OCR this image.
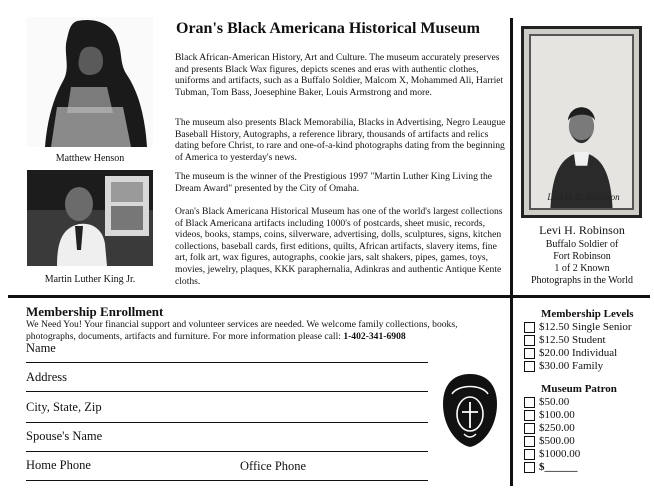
Matthew Henson
Martin Luther King Jr.
Oran's Black Americana Historical Museum
Black African-American History, Art and Culture. The museum accurately preserves and presents Black Wax figures, depicts scenes and eras with authentic clothes, uniforms and artifacts, such as a Buffalo Soldier, Malcom X, Mohammed Ali, Harriet Tubman, Tom Bass, Joesephine Baker, Louis Armstrong and more.
The museum also presents Black Memorabilia, Blacks in Advertising, Negro Leaugue Baseball History, Autographs, a reference library, thousands of artifacts and relics dating before Christ, to rare and one-of-a-kind photographs dating from the beginning of America to yesterday's news.
The museum is the winner of the Prestigious 1997 "Martin Luther King Living the Dream Award" presented by the City of Omaha.
Oran's Black Americana Historical Museum has one of the world's largest collections of Black Americana artifacts including 1000's of postcards, sheet music, records, videos, books, stamps, coins, silverware, advertising, dolls, sculptures, signs, kitchen collections, baseball cards, first editions, quilts, African artifacts, slavery items, fine art, folk art, wax figures, autographs, cookie jars, salt shakers, pipes, games, toys, movies, jewelry, plaques, KKK paraphernalia, Adinkras and authentic Antique Kente cloths.
Levi H. L. Robinson
Levi H. Robinson
Buffalo Soldier of
Fort Robinson
1 of 2 Known
Photographs in the World
Membership Enrollment
We Need You! Your financial support and volunteer services are needed. We welcome family collections, books, photographs, documents, artifacts and furniture. For more information please call: 1-402-341-6908
Name
Address
City, State, Zip
Spouse's Name
Home Phone	Office Phone
Membership Levels
$12.50 Single Senior
$12.50 Student
$20.00 Individual
$30.00 Family
Museum Patron
$50.00
$100.00
$250.00
$500.00
$1000.00
$______
